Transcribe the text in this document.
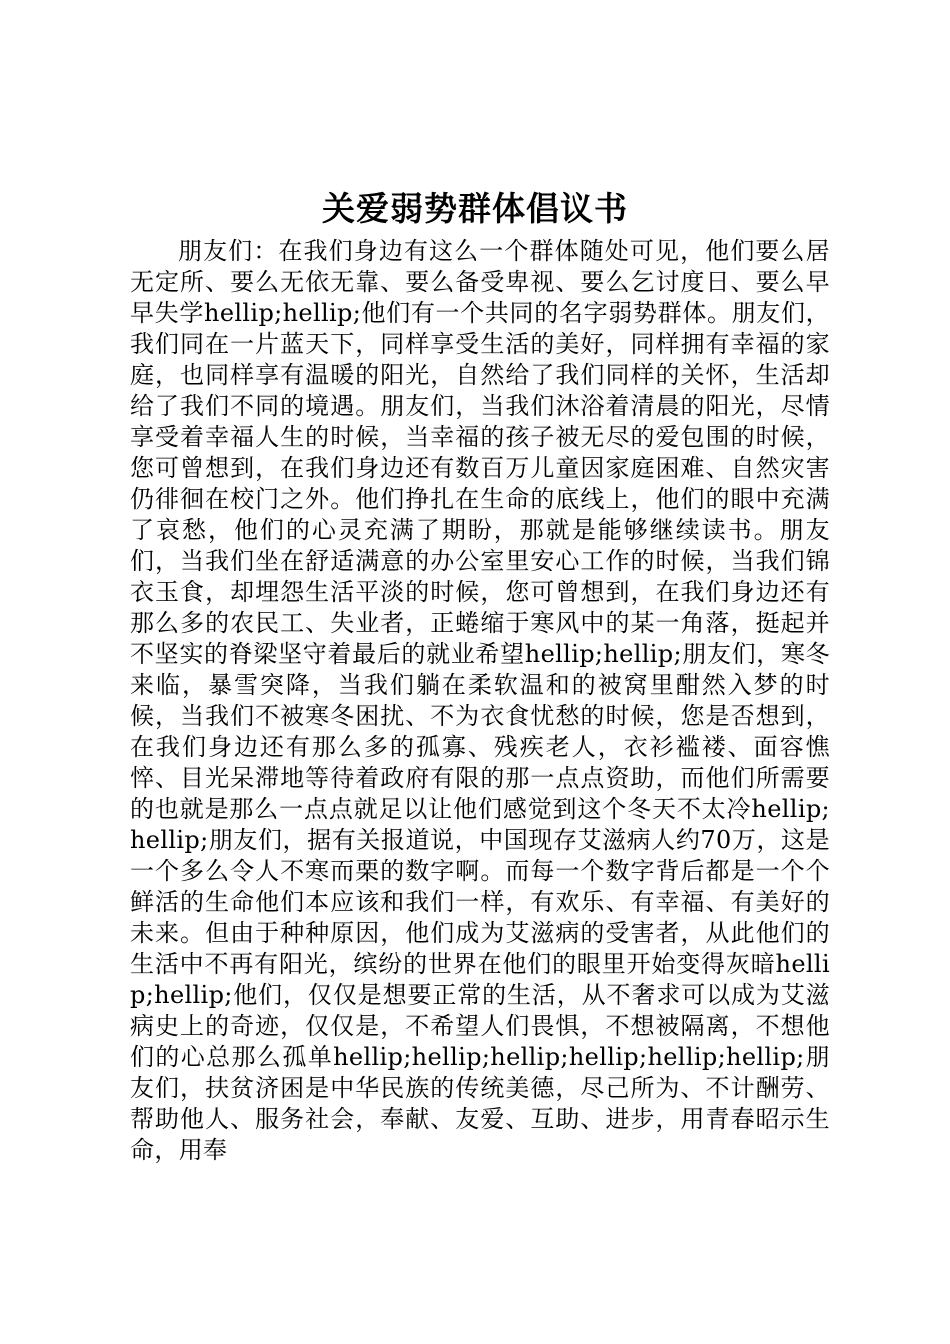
关爱弱势群体倡议书

朋友们：在我们身边有这么一个群体随处可见，他们要么居无定所、要么无依无靠、要么备受卑视、要么乞讨度日、要么早早失学hellip;hellip;他们有一个共同的名字弱势群体。朋友们，我们同在一片蓝天下，同样享受生活的美好，同样拥有幸福的家庭，也同样享有温暖的阳光，自然给了我们同样的关怀，生活却给了我们不同的境遇。朋友们，当我们沐浴着清晨的阳光，尽情享受着幸福人生的时候，当幸福的孩子被无尽的爱包围的时候，您可曾想到，在我们身边还有数百万儿童因家庭困难、自然灾害仍徘徊在校门之外。他们挣扎在生命的底线上，他们的眼中充满了哀愁，他们的心灵充满了期盼，那就是能够继续读书。朋友们，当我们坐在舒适满意的办公室里安心工作的时候，当我们锦衣玉食，却埋怨生活平淡的时候，您可曾想到，在我们身边还有那么多的农民工、失业者，正蜷缩于寒风中的某一角落，挺起并不坚实的脊梁坚守着最后的就业希望hellip;hellip;朋友们，寒冬来临，暴雪突降，当我们躺在柔软温和的被窝里酣然入梦的时候，当我们不被寒冬困扰、不为衣食忧愁的时候，您是否想到，在我们身边还有那么多的孤寡、残疾老人，衣衫褴褛、面容憔悴、目光呆滞地等待着政府有限的那一点点资助，而他们所需要的也就是那么一点点就足以让他们感觉到这个冬天不太冷hellip;hellip;朋友们，据有关报道说，中国现存艾滋病人约70万，这是一个多么令人不寒而栗的数字啊。而每一个数字背后都是一个个鲜活的生命他们本应该和我们一样，有欢乐、有幸福、有美好的未来。但由于种种原因，他们成为艾滋病的受害者，从此他们的生活中不再有阳光，缤纷的世界在他们的眼里开始变得灰暗hellip;hellip;他们，仅仅是想要正常的生活，从不奢求可以成为艾滋病史上的奇迹，仅仅是，不希望人们畏惧，不想被隔离，不想他们的心总那么孤单hellip;hellip;hellip;hellip;hellip;hellip;朋友们，扶贫济困是中华民族的传统美德，尽己所为、不计酬劳、帮助他人、服务社会，奉献、友爱、互助、进步，用青春昭示生命，用奉
